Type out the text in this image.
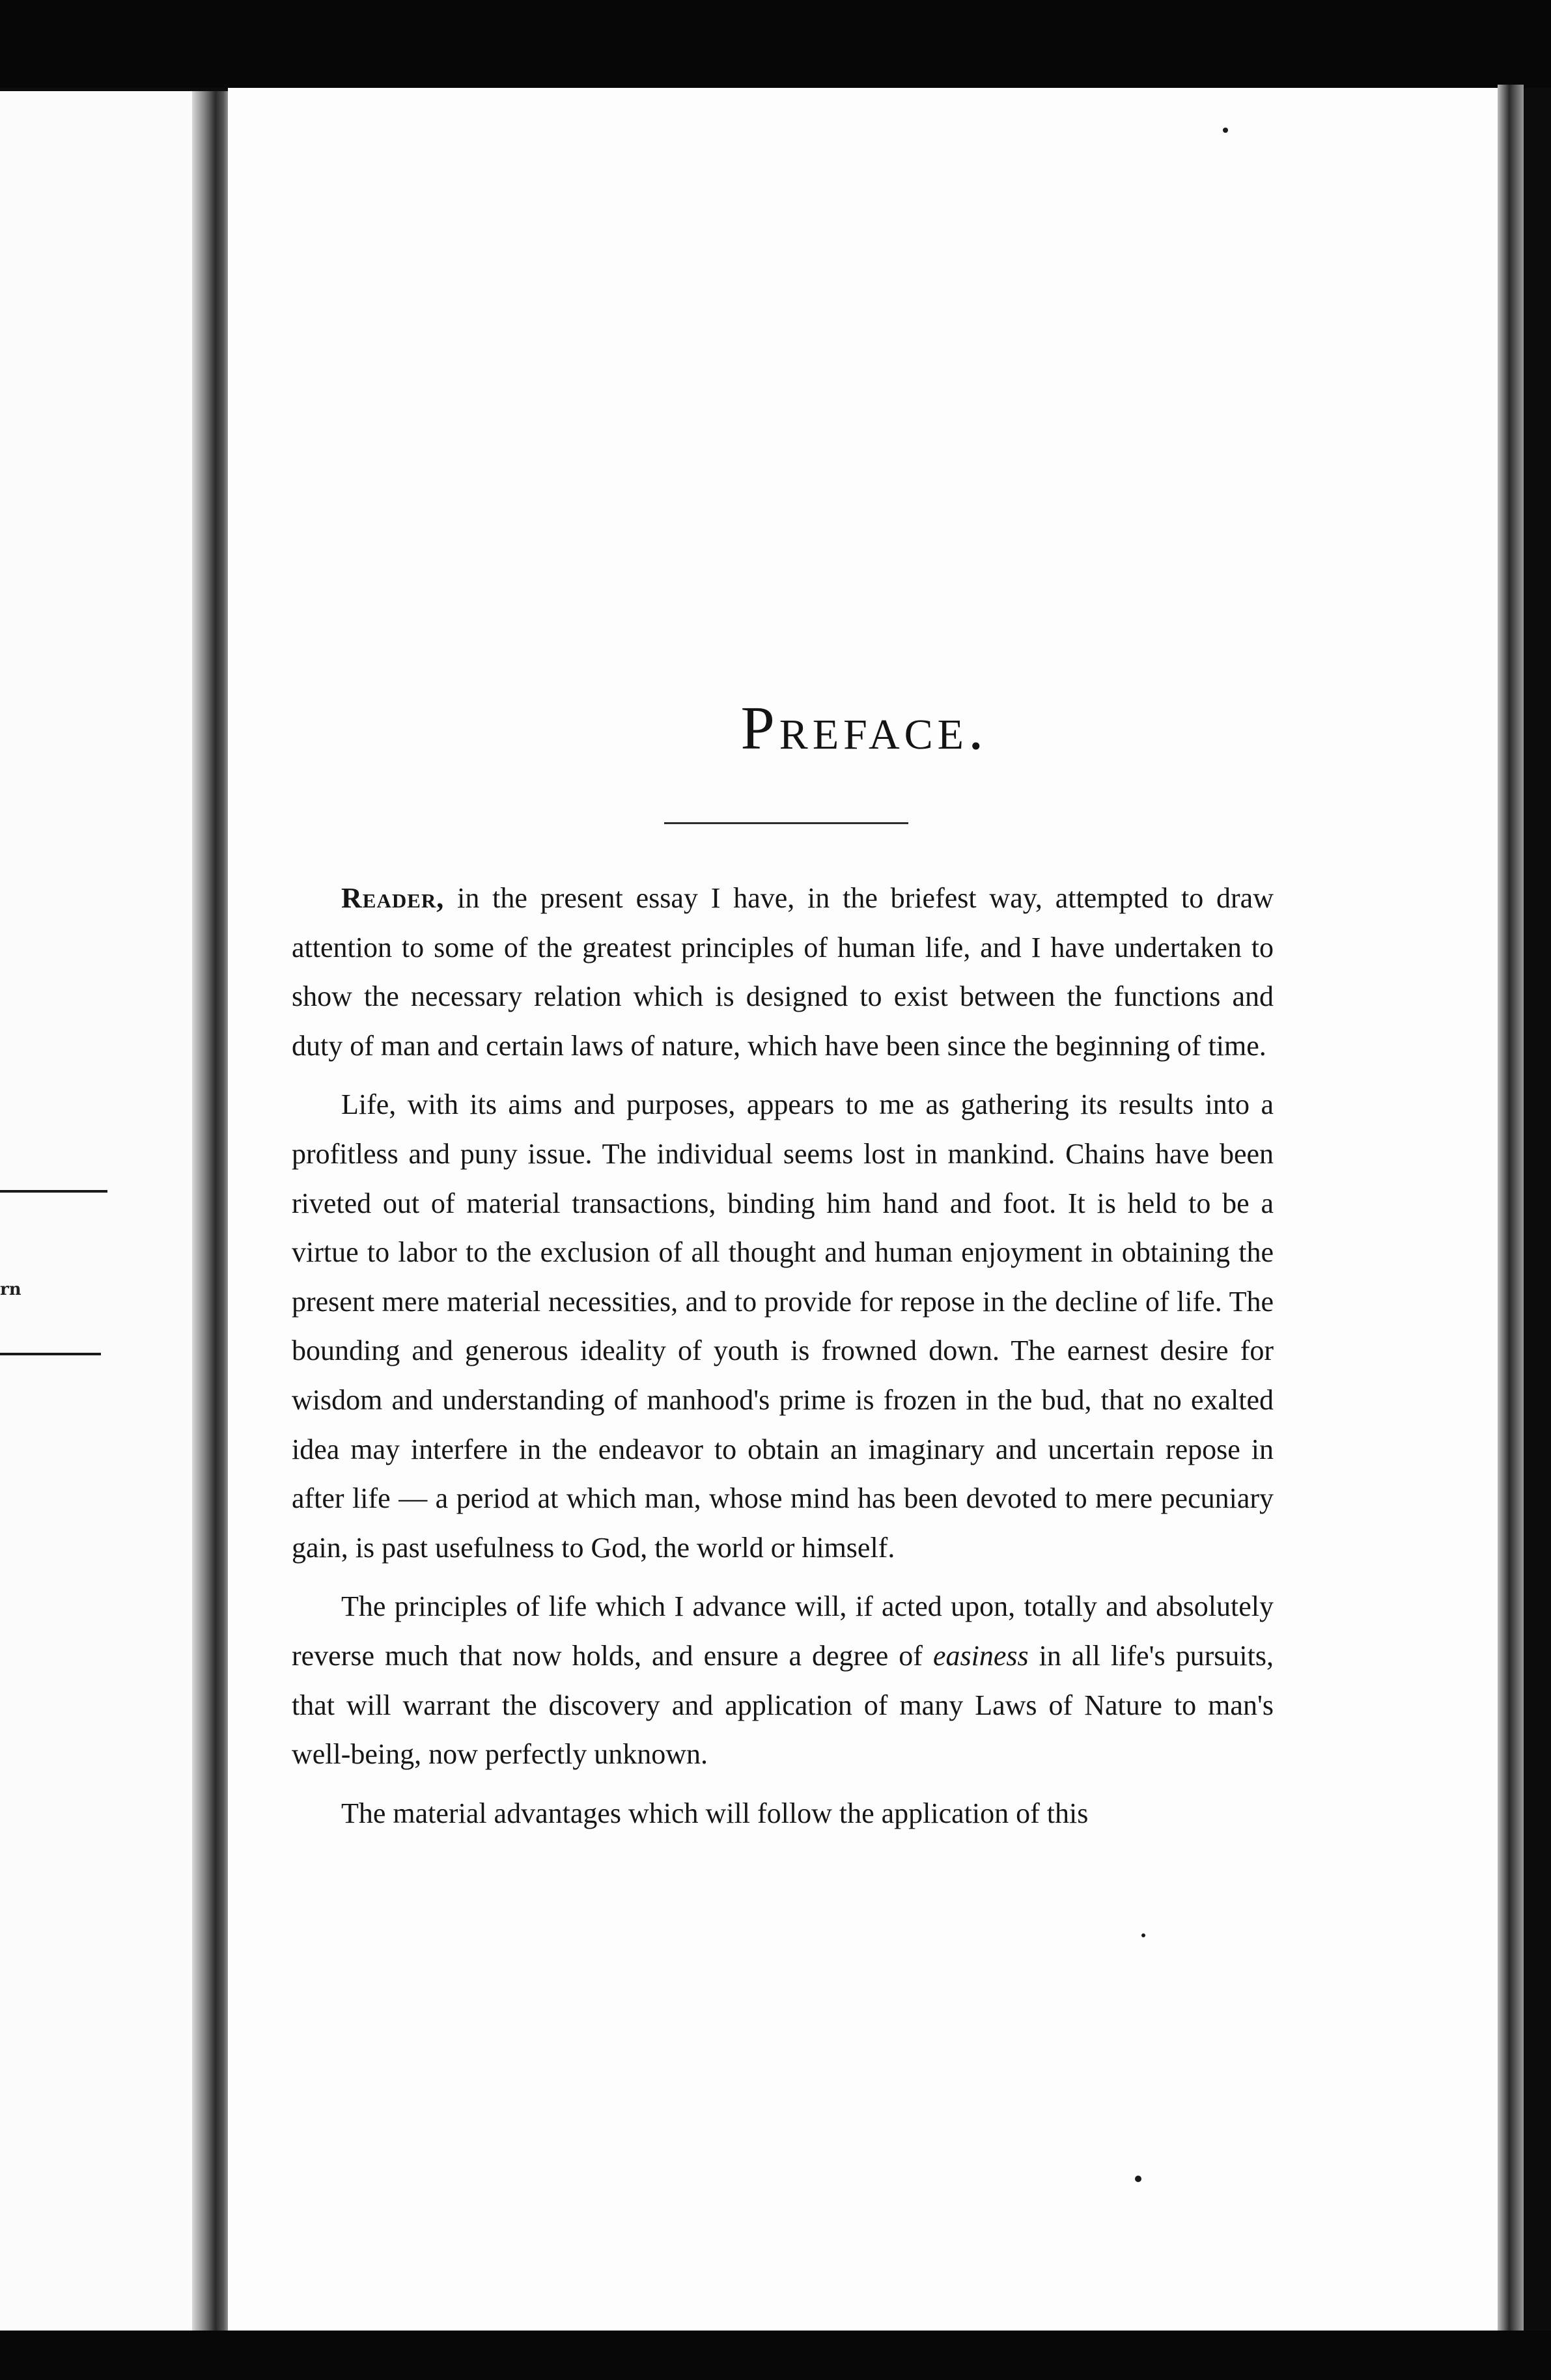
rn
Preface.

Reader, in the present essay I have, in the briefest way, attempted to draw attention to some of the greatest principles of human life, and I have undertaken to show the necessary relation which is designed to exist between the functions and duty of man and certain laws of nature, which have been since the beginning of time.

Life, with its aims and purposes, appears to me as gathering its results into a profitless and puny issue. The individual seems lost in mankind. Chains have been riveted out of material transactions, binding him hand and foot. It is held to be a virtue to labor to the exclusion of all thought and human enjoyment in obtaining the present mere material necessities, and to provide for repose in the decline of life. The bounding and generous ideality of youth is frowned down. The earnest desire for wisdom and understanding of manhood's prime is frozen in the bud, that no exalted idea may interfere in the endeavor to obtain an imaginary and uncertain repose in after life — a period at which man, whose mind has been devoted to mere pecuniary gain, is past usefulness to God, the world or himself.

The principles of life which I advance will, if acted upon, totally and absolutely reverse much that now holds, and ensure a degree of easiness in all life's pursuits, that will warrant the discovery and application of many Laws of Nature to man's well-being, now perfectly unknown.

The material advantages which will follow the application of this
